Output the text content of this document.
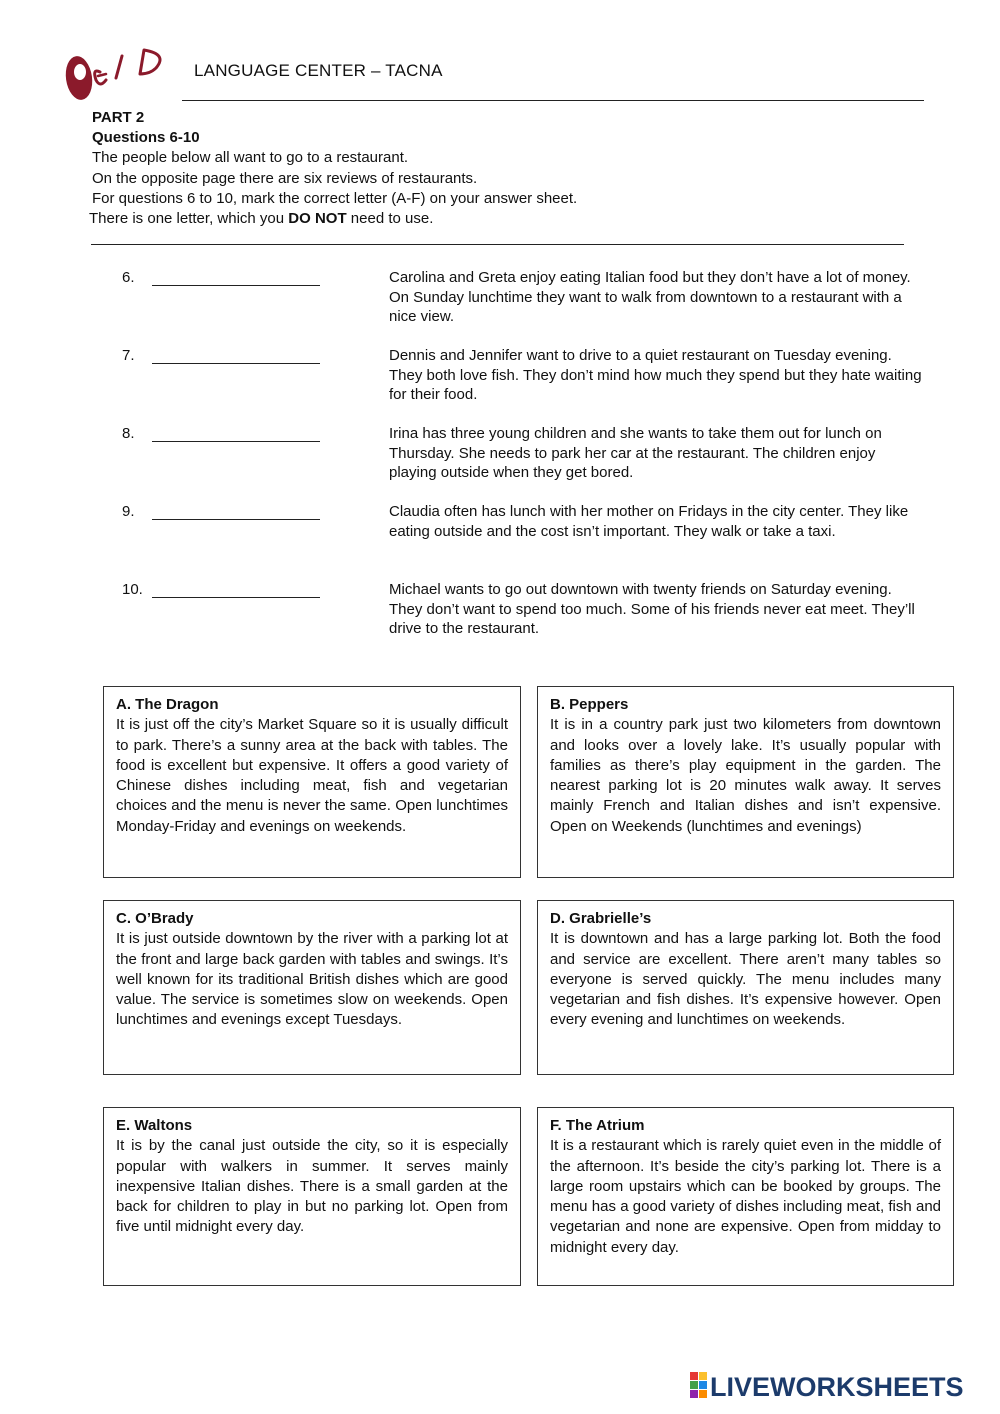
LANGUAGE CENTER – TACNA

PART 2

Questions 6-10

The people below all want to go to a restaurant.

On the opposite page there are six reviews of restaurants.

For questions 6 to 10, mark the correct letter (A-F) on your answer sheet.

There is one letter, which you DO NOT need to use.

6.	Carolina and Greta enjoy eating Italian food but they don’t have a lot of money. On Sunday lunchtime they want to walk from downtown to a restaurant with a nice view.
7.	Dennis and Jennifer want to drive to a quiet restaurant on Tuesday evening. They both love fish. They don’t mind how much they spend but they hate waiting for their food.
8.	Irina has three young children and she wants to take them out for lunch on Thursday. She needs to park her car at the restaurant. The children enjoy playing outside when they get bored.
9.	Claudia often has lunch with her mother on Fridays in the city center. They like eating outside and the cost isn’t important. They walk or take a taxi.
10.	Michael wants to go out downtown with twenty friends on Saturday evening. They don’t want to spend too much. Some of his friends never eat meet. They’ll drive to the restaurant.
A. The Dragon
It is just off the city’s Market Square so it is usually difficult to park. There’s a sunny area at the back with tables. The food is excellent but expensive. It offers a good variety of Chinese dishes including meat, fish and vegetarian choices and the menu is never the same. Open lunchtimes Monday-Friday and evenings on weekends.
B. Peppers
It is in a country park just two kilometers from downtown and looks over a lovely lake. It’s usually popular with families as there’s play equipment in the garden. The nearest parking lot is 20 minutes walk away. It serves mainly French and Italian dishes and isn’t expensive. Open on Weekends (lunchtimes and evenings)
C. O’Brady
It is just outside downtown by the river with a parking lot at the front and large back garden with tables and swings. It’s well known for its traditional British dishes which are good value. The service is sometimes slow on weekends. Open lunchtimes and evenings except Tuesdays.
D. Grabrielle’s
It is downtown and has a large parking lot. Both the food and service are excellent. There aren’t many tables so everyone is served quickly. The menu includes many vegetarian and fish dishes. It’s expensive however. Open every evening and lunchtimes on weekends.
E. Waltons
It is by the canal just outside the city, so it is especially popular with walkers in summer. It serves mainly inexpensive Italian dishes. There is a small garden at the back for children to play in but no parking lot. Open from five until midnight every day.
F. The Atrium
It is a restaurant which is rarely quiet even in the middle of the afternoon. It’s beside the city’s parking lot. There is a large room upstairs which can be booked by groups. The menu has a good variety of dishes including meat, fish and vegetarian and none are expensive. Open from midday to midnight every day.
LIVEWORKSHEETS
